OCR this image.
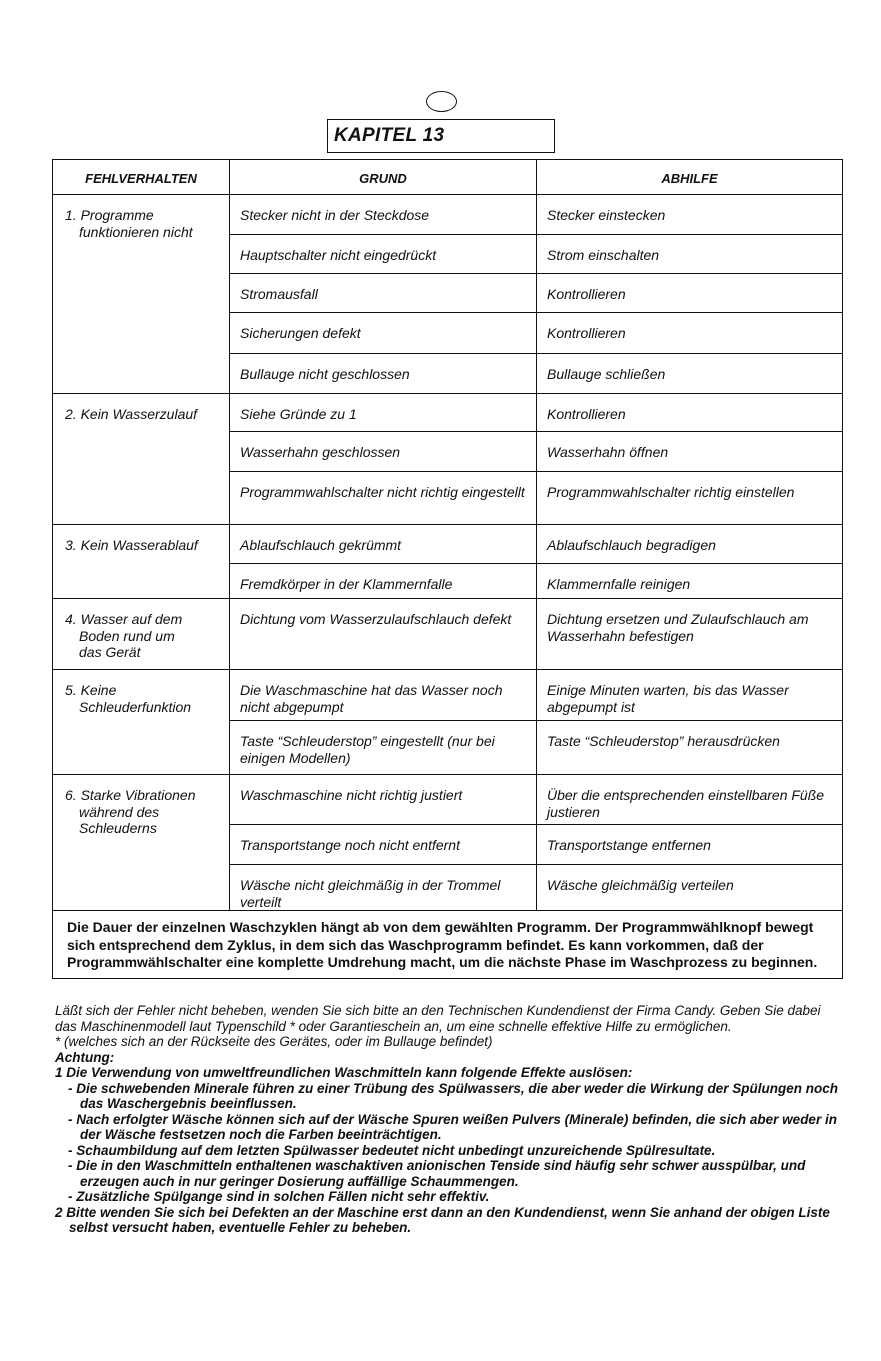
KAPITEL 13
FEHLVERHALTEN	GRUND	ABHILFE

1. Programme
funktionieren nicht	Stecker nicht in der Steckdose	Stecker einstecken
	Hauptschalter nicht eingedrückt	Strom einschalten
	Stromausfall	Kontrollieren
	Sicherungen defekt	Kontrollieren
	Bullauge nicht geschlossen	Bullauge schließen

2. Kein Wasserzulauf	Siehe Gründe zu 1	Kontrollieren
	Wasserhahn geschlossen	Wasserhahn öffnen
	Programmwahlschalter nicht richtig eingestellt	Programmwahlschalter richtig einstellen

3. Kein Wasserablauf	Ablaufschlauch gekrümmt	Ablaufschlauch begradigen
	Fremdkörper in der Klammernfalle	Klammernfalle reinigen

4. Wasser auf dem
Boden rund um
das Gerät	Dichtung vom Wasserzulaufschlauch defekt	Dichtung ersetzen und Zulaufschlauch am Wasserhahn befestigen

5. Keine
Schleuderfunktion	Die Waschmaschine hat das Wasser noch nicht abgepumpt	Einige Minuten warten, bis das Wasser abgepumpt ist
	Taste “Schleuderstop” eingestellt (nur bei einigen Modellen)	Taste “Schleuderstop” herausdrücken

6. Starke Vibrationen
während des
Schleuderns	Waschmaschine nicht richtig justiert	Über die entsprechenden einstellbaren Füße justieren
	Transportstange noch nicht entfernt	Transportstange entfernen
	Wäsche nicht gleichmäßig in der Trommel verteilt	Wäsche gleichmäßig verteilen
Die Dauer der einzelnen Waschzyklen hängt ab von dem gewählten Programm. Der Programmwählknopf bewegt sich entsprechend dem Zyklus, in dem sich das Waschprogramm befindet. Es kann vorkommen, daß der Programmwählschalter eine komplette Umdrehung macht, um die nächste Phase im Waschprozess zu beginnen.		

Läßt sich der Fehler nicht beheben, wenden Sie sich bitte an den Technischen Kundendienst der Firma Candy. Geben Sie dabei das Maschinenmodell laut Typenschild * oder Garantieschein an, um eine schnelle effektive Hilfe zu ermöglichen.

* (welches sich an der Rückseite des Gerätes, oder im Bullauge befindet)

Achtung:

1 Die Verwendung von umweltfreundlichen Waschmitteln kann folgende Effekte auslösen:

- Die schwebenden Minerale führen zu einer Trübung des Spülwassers, die aber weder die Wirkung der Spülungen noch das Waschergebnis beeinflussen.

- Nach erfolgter Wäsche können sich auf der Wäsche Spuren weißen Pulvers (Minerale) befinden, die sich aber weder in der Wäsche festsetzen noch die Farben beeinträchtigen.

- Schaumbildung auf dem letzten Spülwasser bedeutet nicht unbedingt unzureichende Spülresultate.

- Die in den Waschmitteln enthaltenen waschaktiven anionischen Tenside sind häufig sehr schwer ausspülbar, und erzeugen auch in nur geringer Dosierung auffällige Schaummengen.

- Zusätzliche Spülgange sind in solchen Fällen nicht sehr effektiv.

2 Bitte wenden Sie sich bei Defekten an der Maschine erst dann an den Kundendienst, wenn Sie anhand der obigen Liste selbst versucht haben, eventuelle Fehler zu beheben.
